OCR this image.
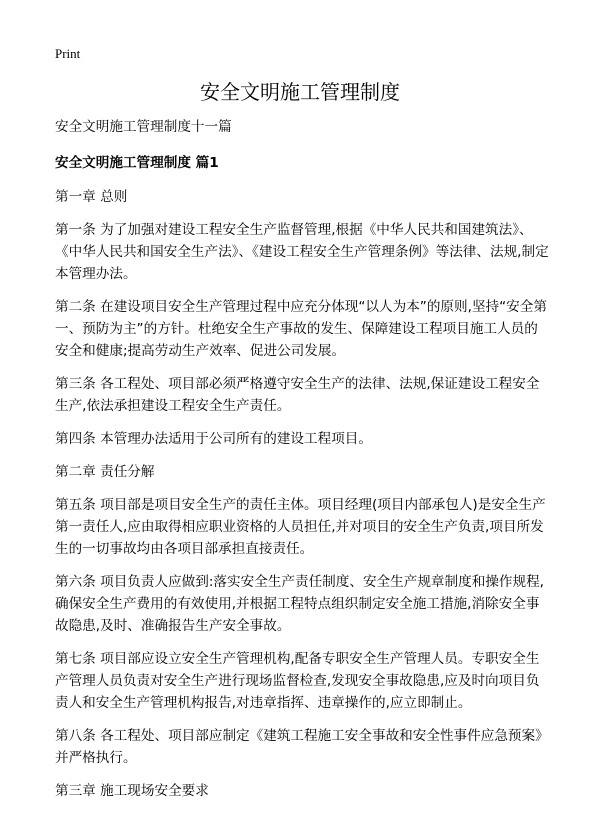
Print
安全文明施工管理制度

安全文明施工管理制度十一篇

安全文明施工管理制度 篇1

第一章 总则

第一条 为了加强对建设工程安全生产监督管理,根据《中华人民共和国建筑法》、《中华人民共和国安全生产法》、《建设工程安全生产管理条例》等法律、法规,制定本管理办法。

第二条 在建设项目安全生产管理过程中应充分体现“以人为本”的原则,坚持“安全第一、预防为主”的方针。杜绝安全生产事故的发生、保障建设工程项目施工人员的安全和健康;提高劳动生产效率、促进公司发展。

第三条 各工程处、项目部必须严格遵守安全生产的法律、法规,保证建设工程安全生产,依法承担建设工程安全生产责任。

第四条 本管理办法适用于公司所有的建设工程项目。

第二章 责任分解

第五条 项目部是项目安全生产的责任主体。项目经理(项目内部承包人)是安全生产第一责任人,应由取得相应职业资格的人员担任,并对项目的安全生产负责,项目所发生的一切事故均由各项目部承担直接责任。

第六条 项目负责人应做到:落实安全生产责任制度、安全生产规章制度和操作规程,确保安全生产费用的有效使用,并根据工程特点组织制定安全施工措施,消除安全事故隐患,及时、准确报告生产安全事故。

第七条 项目部应设立安全生产管理机构,配备专职安全生产管理人员。专职安全生产管理人员负责对安全生产进行现场监督检查,发现安全事故隐患,应及时向项目负责人和安全生产管理机构报告,对违章指挥、违章操作的,应立即制止。

第八条 各工程处、项目部应制定《建筑工程施工安全事故和安全性事件应急预案》并严格执行。

第三章 施工现场安全要求
